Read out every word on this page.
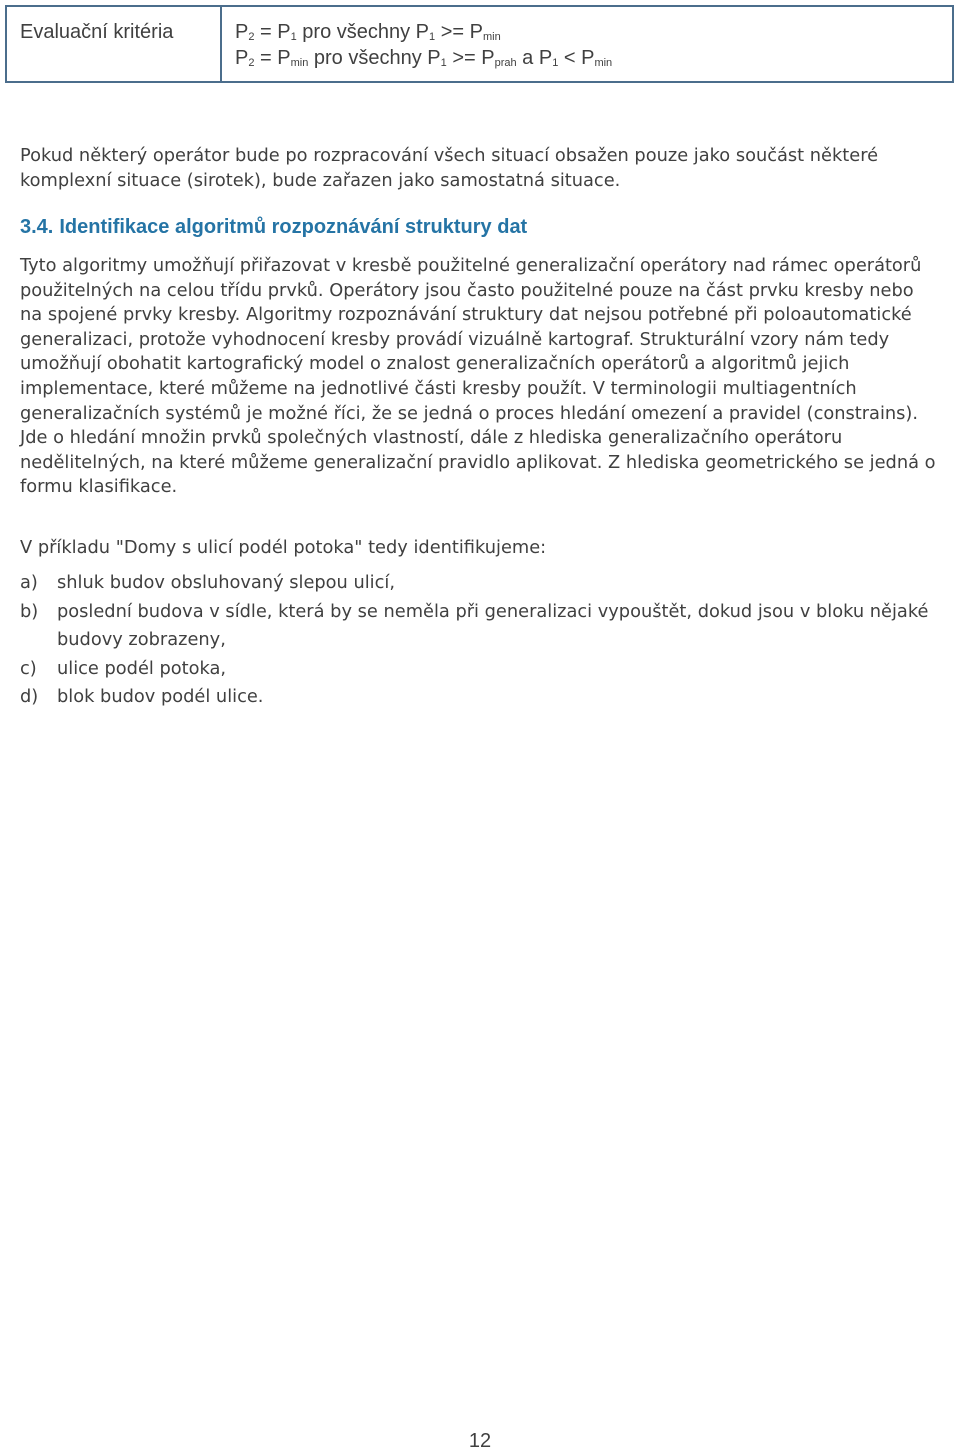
Evaluační kritéria	$P_2 = P_1$ pro všechny $P_1 >= P_{min}$
$P_2 = P_{min}$ pro všechny $P_1 >= P_{prah}$ a $P_1 < P_{min}$

Pokud některý operátor bude po rozpracování všech situací obsažen pouze jako součást některé komplexní situace (sirotek), bude zařazen jako samostatná situace.

3.4. Identifikace algoritmů rozpoznávání struktury dat

Tyto algoritmy umožňují přiřazovat v kresbě použitelné generalizační operátory nad rámec operátorů použitelných na celou třídu prvků. Operátory jsou často použitelné pouze na část prvku kresby nebo na spojené prvky kresby. Algoritmy rozpoznávání struktury dat nejsou potřebné při poloautomatické generalizaci, protože vyhodnocení kresby provádí vizuálně kartograf. Strukturální vzory nám tedy umožňují obohatit kartografický model o znalost generalizačních operátorů a algoritmů jejich implementace, které můžeme na jednotlivé části kresby použít. V terminologii multiagentních generalizačních systémů je možné říci, že se jedná o proces hledání omezení a pravidel (constrains). Jde o hledání množin prvků společných vlastností, dále z hlediska generalizačního operátoru nedělitelných, na které můžeme generalizační pravidlo aplikovat. Z hlediska geometrického se jedná o formu klasifikace.

V příkladu "Domy s ulicí podél potoka" tedy identifikujeme:

a)	shluk budov obsluhovaný slepou ulicí,
b)	poslední budova v sídle, která by se neměla při generalizaci vypouštět, dokud jsou v bloku nějaké budovy zobrazeny,
c)	ulice podél potoka,
d)	blok budov podél ulice.
12
